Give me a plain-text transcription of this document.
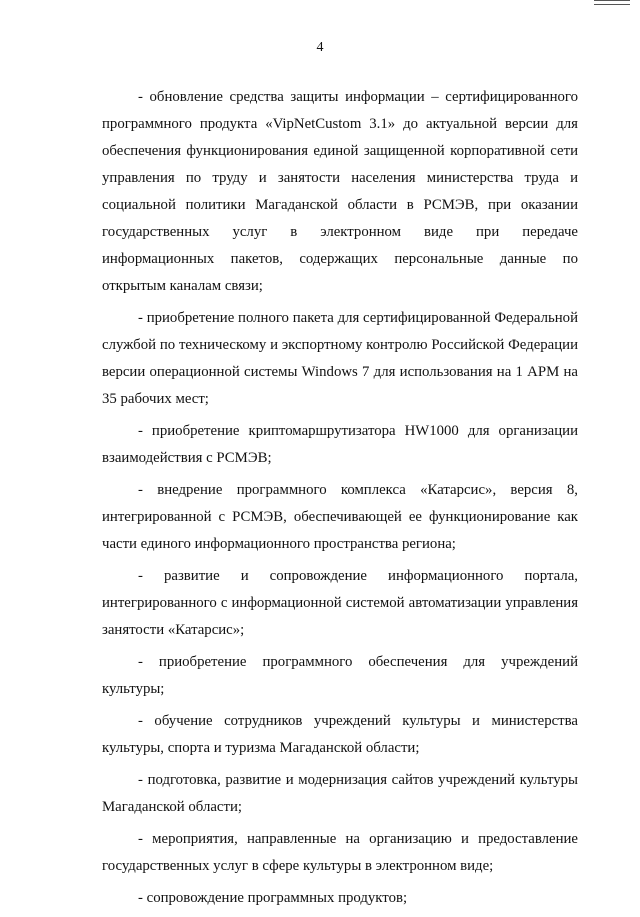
4

- обновление средства защиты информации – сертифицированного программного продукта «VipNetCustom 3.1» до актуальной версии для обеспечения функционирования единой защищенной корпоративной сети управления по труду и занятости населения министерства труда и социальной политики Магаданской области в РСМЭВ, при оказании государственных услуг в электронном виде при передаче информационных пакетов, содержащих персональные данные по открытым каналам связи;

- приобретение полного пакета для сертифицированной Федеральной службой по техническому и экспортному контролю Российской Федерации версии операционной системы Windows 7 для использования на 1 АРМ на 35 рабочих мест;

- приобретение криптомаршрутизатора HW1000 для организации взаимодействия с РСМЭВ;

- внедрение программного комплекса «Катарсис», версия 8, интегрированной с РСМЭВ, обеспечивающей ее функционирование как части единого информационного пространства региона;

- развитие и сопровождение информационного портала, интегрированного с информационной системой автоматизации управления занятости «Катарсис»;

- приобретение программного обеспечения для учреждений культуры;

- обучение сотрудников учреждений культуры и министерства культуры, спорта и туризма Магаданской области;

- подготовка, развитие и модернизация сайтов учреждений культуры Магаданской области;

- мероприятия, направленные на организацию и предоставление государственных услуг в сфере культуры в электронном виде;

- сопровождение программных продуктов;
